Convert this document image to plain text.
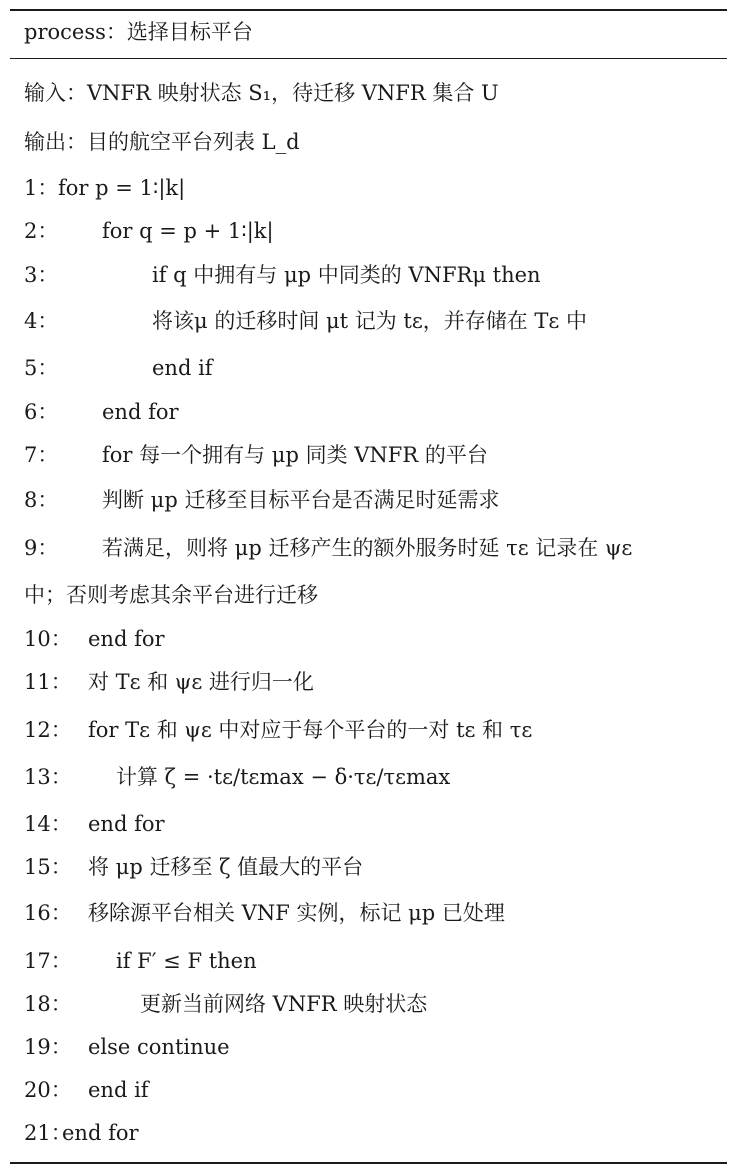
process：选择目标平台
输入：VNFR 映射状态 S₁，待迁移 VNFR 集合 U
输出：目的航空平台列表 L_d
1： for p = 1∶|k|
2： for q = p + 1∶|k|
3：	if q 中拥有与 μp 中同类的 VNFRμ then
4：	将该μ 的迁移时间 μt 记为 tε，并存储在 Tε 中
5：	end if
6： end for
7： for 每一个拥有与 μp 同类 VNFR 的平台
8： 判断 μp 迁移至目标平台是否满足时延需求
9： 若满足，则将 μp 迁移产生的额外服务时延 τε 记录在 ψε
中；否则考虑其余平台进行迁移
10： end for
11： 对 Tε 和 ψε 进行归一化
12： for Tε 和 ψε 中对应于每个平台的一对 tε 和 τε
13： 计算 ζ = ·tε/tεmax − δ·τε/τεmax
14： end for
15： 将 μp 迁移至 ζ 值最大的平台
16： 移除源平台相关 VNF 实例，标记 μp 已处理
17： if F′ ≤ F then
18：	更新当前网络 VNFR 映射状态
19： else continue
20： end if
21：
end for
